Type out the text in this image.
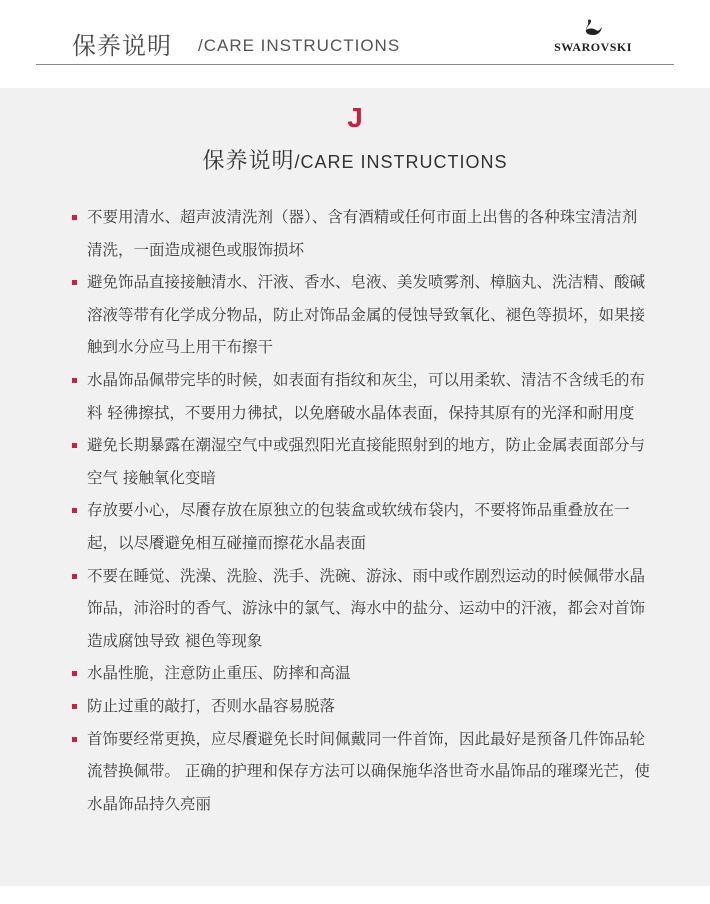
保养说明 /CARE INSTRUCTIONS	SWAROVSKI
J
保养说明/CARE INSTRUCTIONS
不要用清水、超声波清洗剂（器）、含有酒精或任何市面上出售的各种珠宝清洁剂清洗，一面造成褪色或服饰损坏
避免饰品直接接触清水、汗液、香水、皂液、美发喷雾剂、樟脑丸、洗洁精、酸碱溶液等带有化学成分物品，防止对饰品金属的侵蚀导致氧化、褪色等损坏，如果接触到水分应马上用干布擦干
水晶饰品佩带完毕的时候，如表面有指纹和灰尘，可以用柔软、清洁不含绒毛的布料 轻彿擦拭，不要用力彿拭，以免磨破水晶体表面，保持其原有的光泽和耐用度
避免长期暴露在潮湿空气中或强烈阳光直接能照射到的地方，防止金属表面部分与空气 接触氧化变暗
存放要小心，尽餍存放在原独立的包装盒或软绒布袋内，不要将饰品重叠放在一起，以尽餍避免相互碰撞而擦花水晶表面
不要在睡觉、洗澡、洗脸、洗手、洗碗、游泳、雨中或作剧烈运动的时候佩带水晶饰品，沛浴时的香气、游泳中的氯气、海水中的盐分、运动中的汗液，都会对首饰造成腐蚀导致 褪色等现象
水晶性脆，注意防止重压、防摔和高温
防止过重的敲打，否则水晶容易脱落
首饰要经常更换，应尽餍避免长时间佩戴同一件首饰，因此最好是预备几件饰品轮流替换佩带。 正确的护理和保存方法可以确保施华洛世奇水晶饰品的璀璨光芒，使水晶饰品持久亮丽
